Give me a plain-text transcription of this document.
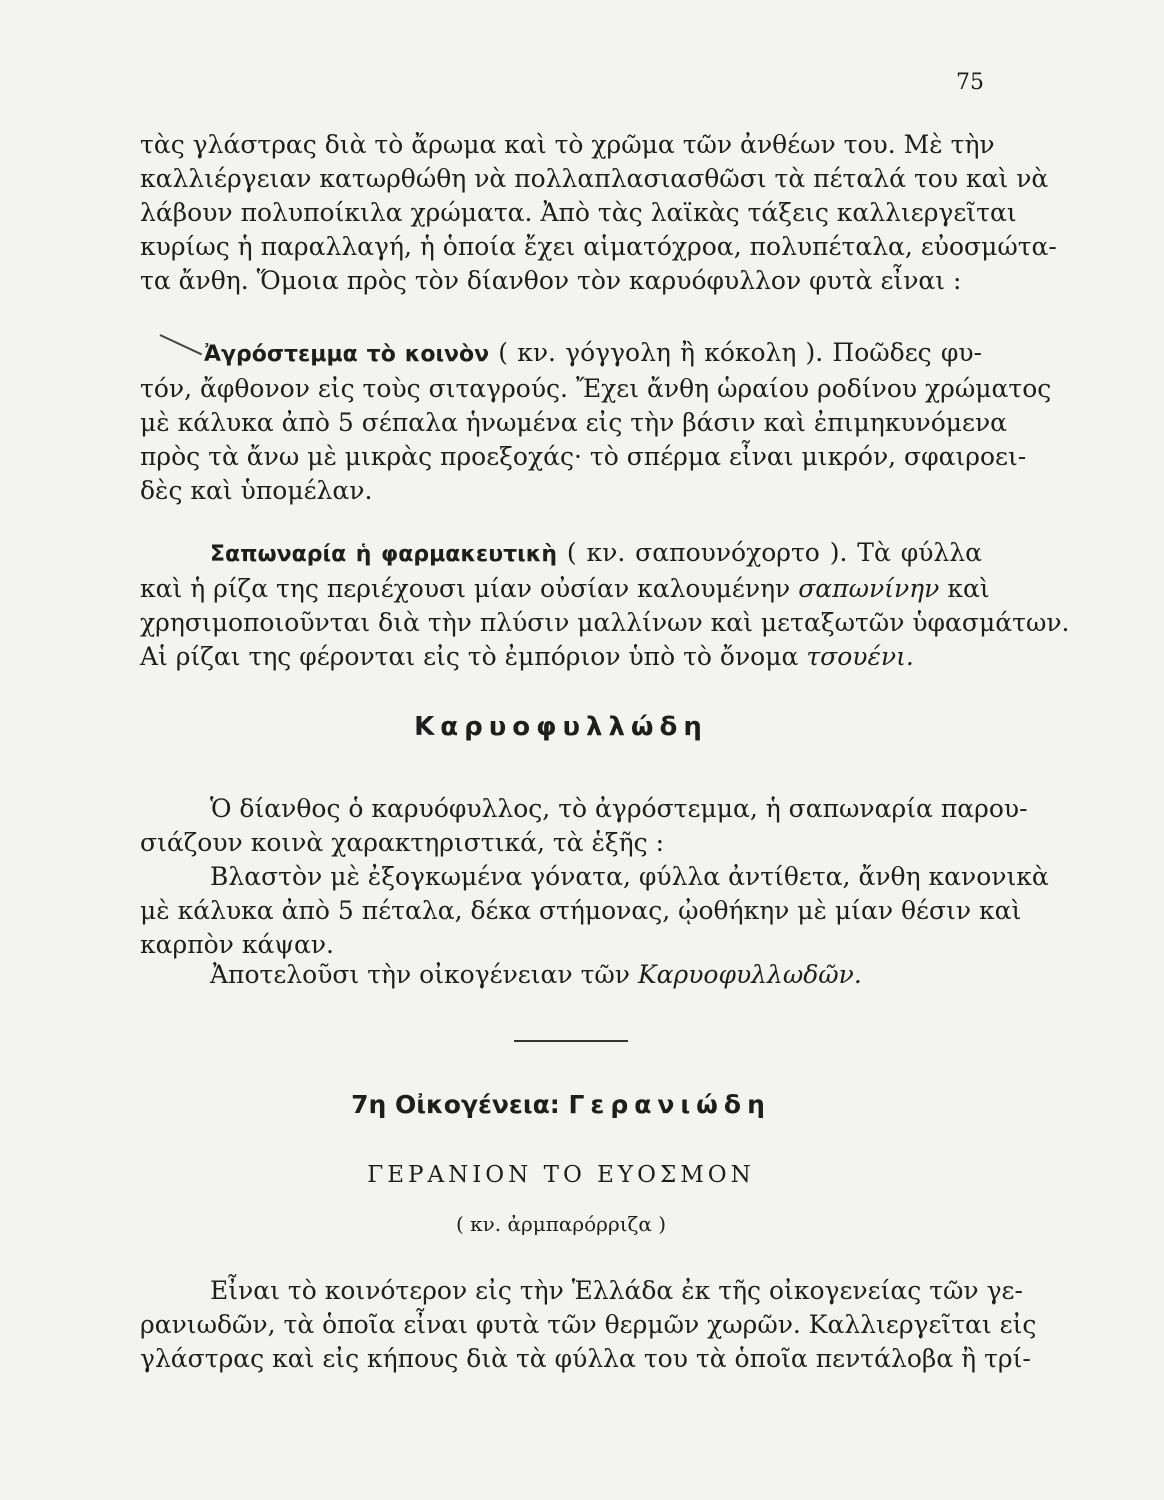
75

τὰς γλάστρας διὰ τὸ ἄρωμα καὶ τὸ χρῶμα τῶν ἀνθέων του. Μὲ τὴν
καλλιέργειαν κατωρθώθη νὰ πολλαπλασιασθῶσι τὰ πέταλά του καὶ νὰ
λάβουν πολυποίκιλα χρώματα. Ἀπὸ τὰς λαϊκὰς τάξεις καλλιεργεῖται
κυρίως ἡ παραλλαγή, ἡ ὁποία ἔχει αἱματόχροα, πολυπέταλα, εὐοσμώτα-
τα ἄνθη. Ὅμοια πρὸς τὸν δίανθον τὸν καρυόφυλλον φυτὰ εἶναι :

Ἀγρόστεμμα τὸ κοινὸν ( κν. γόγγολη ἢ κόκολη ). Ποῶδες φυ-
τόν, ἄφθονον εἰς τοὺς σιταγρούς. Ἔχει ἄνθη ὡραίου ροδίνου χρώματος
μὲ κάλυκα ἀπὸ 5 σέπαλα ἡνωμένα εἰς τὴν βάσιν καὶ ἐπιμηκυνόμενα
πρὸς τὰ ἄνω μὲ μικρὰς προεξοχάς· τὸ σπέρμα εἶναι μικρόν, σφαιροει-
δὲς καὶ ὑπομέλαν.

Σαπωναρία ἡ φαρμακευτικὴ ( κν. σαπουνόχορτο ). Τὰ φύλλα
καὶ ἡ ρίζα της περιέχουσι μίαν οὐσίαν καλουμένην σαπωνίνην καὶ
χρησιμοποιοῦνται διὰ τὴν πλύσιν μαλλίνων καὶ μεταξωτῶν ὑφασμάτων.
Αἱ ρίζαι της φέρονται εἰς τὸ ἐμπόριον ὑπὸ τὸ ὄνομα τσουένι.

Καρυοφυλλώδη

Ὁ δίανθος ὁ καρυόφυλλος, τὸ ἀγρόστεμμα, ἡ σαπωναρία παρου-
σιάζουν κοινὰ χαρακτηριστικά, τὰ ἑξῆς :

Βλαστὸν μὲ ἐξογκωμένα γόνατα, φύλλα ἀντίθετα, ἄνθη κανονικὰ
μὲ κάλυκα ἀπὸ 5 πέταλα, δέκα στήμονας, ᾠοθήκην μὲ μίαν θέσιν καὶ
καρπὸν κάψαν.

Ἀποτελοῦσι τὴν οἰκογένειαν τῶν Καρυοφυλλωδῶν.

7η Οἰκογένεια: Γερανιώδη
ΓΕΡΑΝΙΟΝ ΤΟ ΕΥΟΣΜΟΝ
( κν. ἀρμπαρόρριζα )

Εἶναι τὸ κοινότερον εἰς τὴν Ἑλλάδα ἐκ τῆς οἰκογενείας τῶν γε-
ρανιωδῶν, τὰ ὁποῖα εἶναι φυτὰ τῶν θερμῶν χωρῶν. Καλλιεργεῖται εἰς
γλάστρας καὶ εἰς κήπους διὰ τὰ φύλλα του τὰ ὁποῖα πεντάλοβα ἢ τρί-
